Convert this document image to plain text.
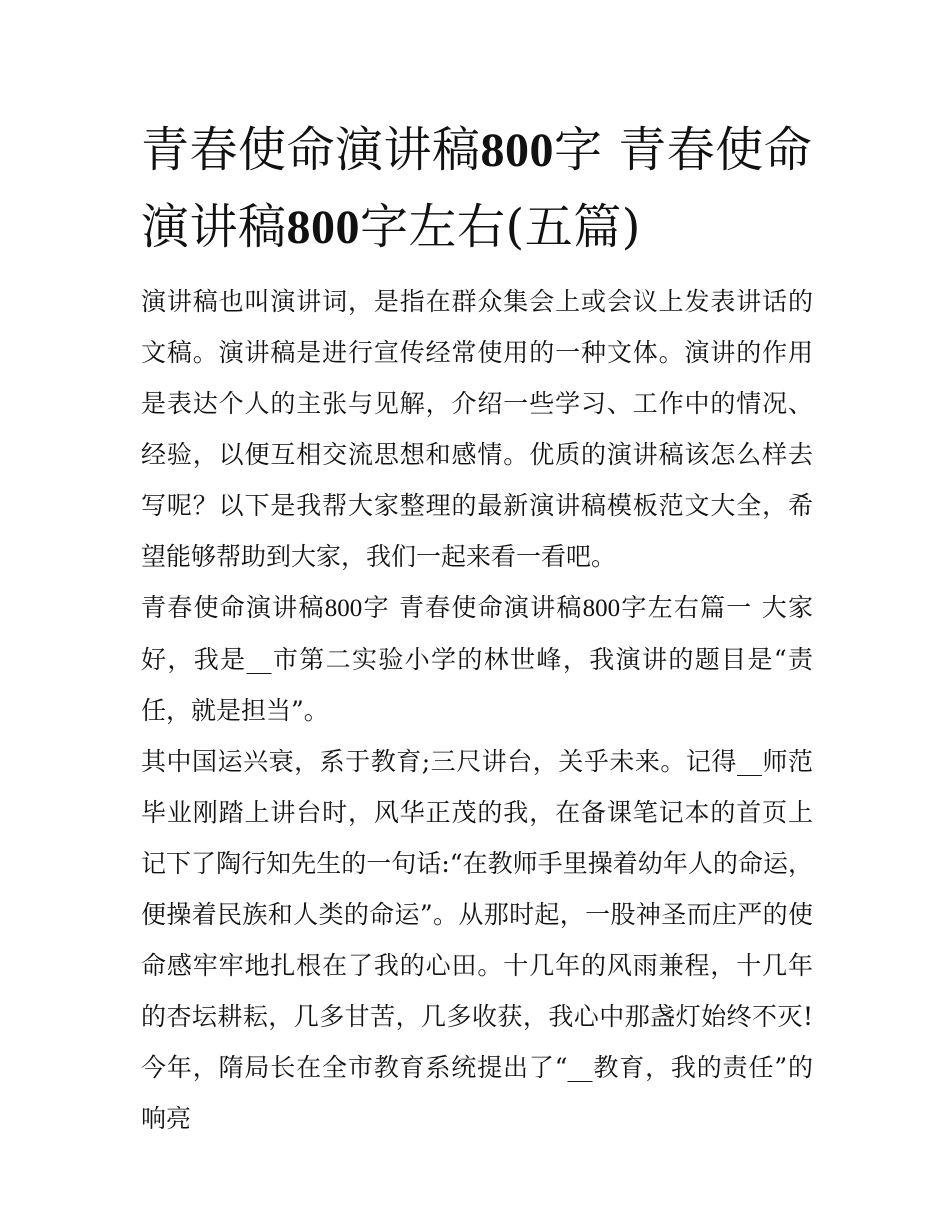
青春使命演讲稿800字 青春使命演讲稿800字左右(五篇)

演讲稿也叫演讲词，是指在群众集会上或会议上发表讲话的文稿。演讲稿是进行宣传经常使用的一种文体。演讲的作用是表达个人的主张与见解，介绍一些学习、工作中的情况、经验，以便互相交流思想和感情。优质的演讲稿该怎么样去写呢？以下是我帮大家整理的最新演讲稿模板范文大全，希望能够帮助到大家，我们一起来看一看吧。

青春使命演讲稿800字 青春使命演讲稿800字左右篇一 大家好，我是__市第二实验小学的林世峰，我演讲的题目是“责任，就是担当”。

其中国运兴衰，系于教育;三尺讲台，关乎未来。记得__师范毕业刚踏上讲台时，风华正茂的我，在备课笔记本的首页上记下了陶行知先生的一句话:“在教师手里操着幼年人的命运，便操着民族和人类的命运”。从那时起，一股神圣而庄严的使命感牢牢地扎根在了我的心田。十几年的风雨兼程，十几年的杏坛耕耘，几多甘苦，几多收获，我心中那盏灯始终不灭!今年，隋局长在全市教育系统提出了“__教育，我的责任”的响亮
